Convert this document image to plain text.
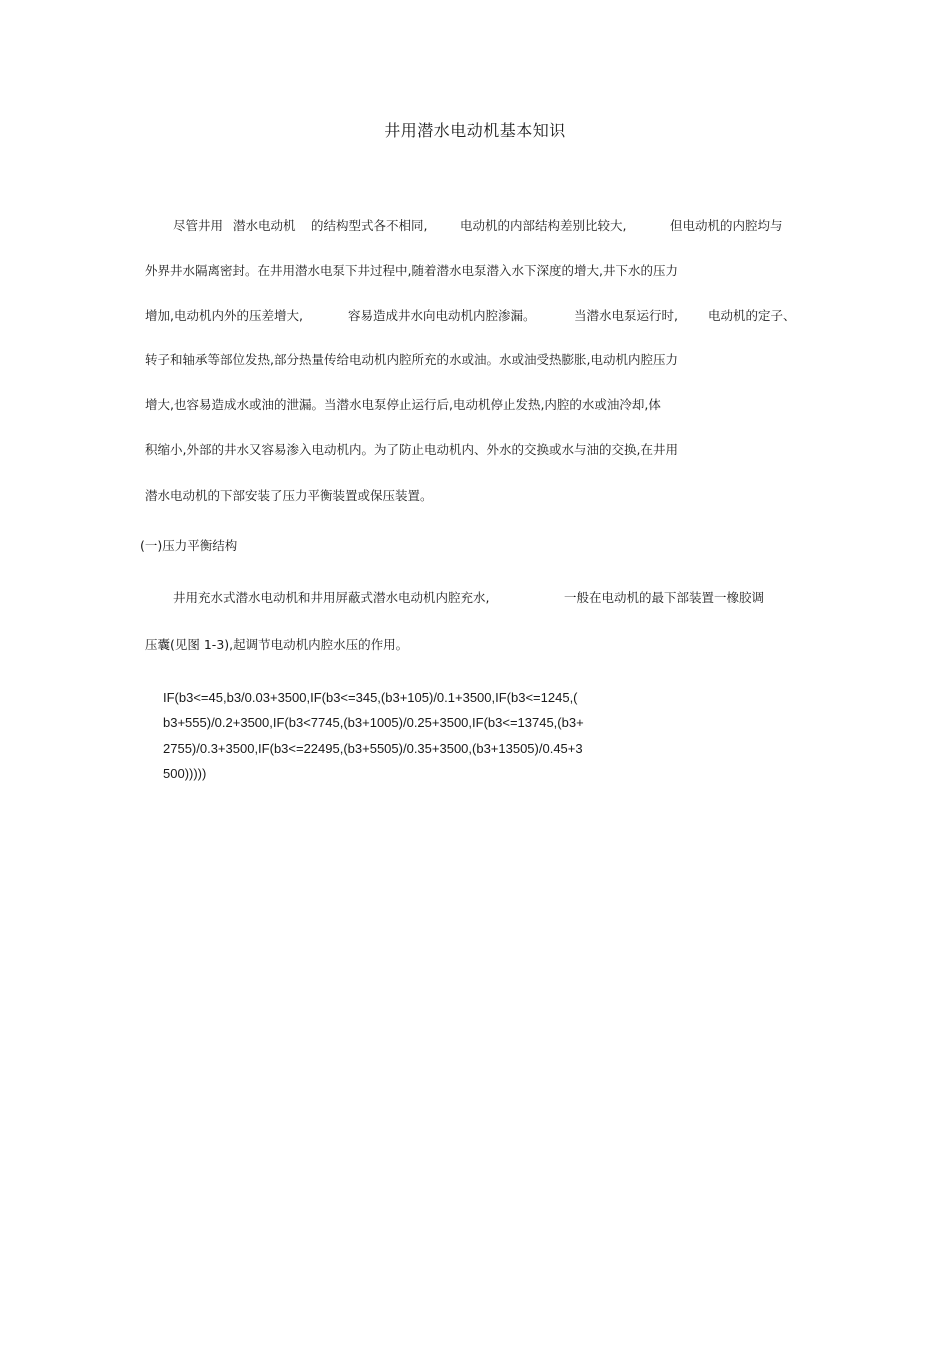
井用潜水电动机基本知识
尽管井用 潜水电动机 的结构型式各不相同,	电动机的内部结构差别比较大,	但电动机的内腔均与
外界井水隔离密封。在井用潜水电泵下井过程中,随着潜水电泵潜入水下深度的增大,井下水的压力
增加,电动机内外的压差增大,	容易造成井水向电动机内腔渗漏。	当潜水电泵运行时, 电动机的定子、
转子和轴承等部位发热,部分热量传给电动机内腔所充的水或油。水或油受热膨胀,电动机内腔压力
增大,也容易造成水或油的泄漏。当潜水电泵停止运行后,电动机停止发热,内腔的水或油冷却,体
积缩小,外部的井水又容易渗入电动机内。为了防止电动机内、外水的交换或水与油的交换,在井用
潜水电动机的下部安装了压力平衡装置或保压装置。
(一)压力平衡结构
井用充水式潜水电动机和井用屏蔽式潜水电动机内腔充水,	一般在电动机的最下部装置一橡胶调
压囊(见图 1-3),起调节电动机内腔水压的作用。
IF(b3<=45,b3/0.03+3500,IF(b3<=345,(b3+105)/0.1+3500,IF(b3<=1245,(
b3+555)/0.2+3500,IF(b3<7745,(b3+1005)/0.25+3500,IF(b3<=13745,(b3+
2755)/0.3+3500,IF(b3<=22495,(b3+5505)/0.35+3500,(b3+13505)/0.45+3
500)))))
